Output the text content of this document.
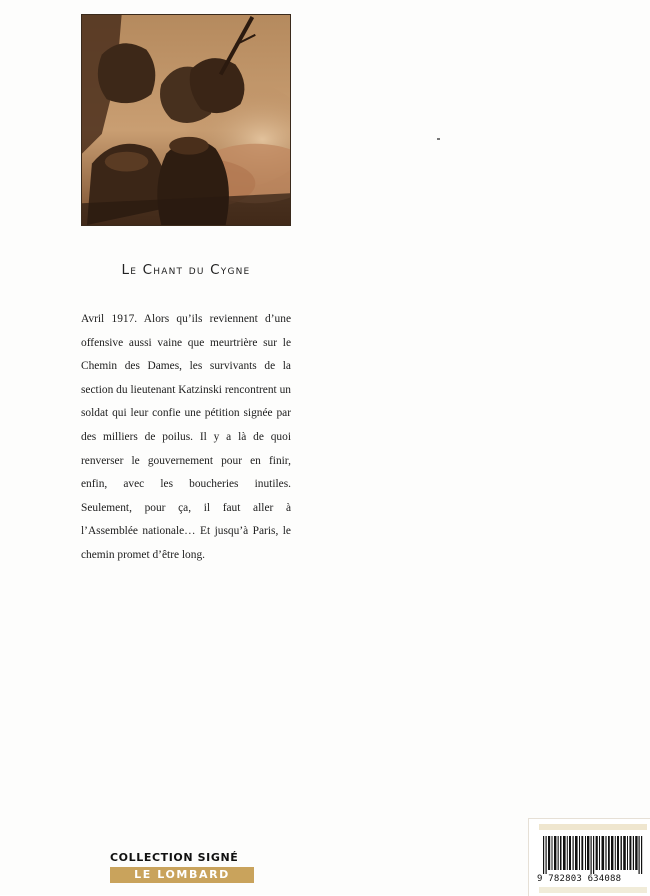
Le Chant du Cygne

Avril 1917. Alors qu’ils reviennent d’une offensive aussi vaine que meurtrière sur le Chemin des Dames, les survivants de la section du lieutenant Katzinski rencontrent un soldat qui leur confie une pétition signée par des milliers de poilus. Il y a là de quoi renverser le gouvernement pour en finir, enfin, avec les boucheries inutiles. Seulement, pour ça, il faut aller à l’Assemblée nationale… Et jusqu’à Paris, le chemin promet d’être long.

COLLECTION SIGNÉ
LE LOMBARD	9 782803 634088
